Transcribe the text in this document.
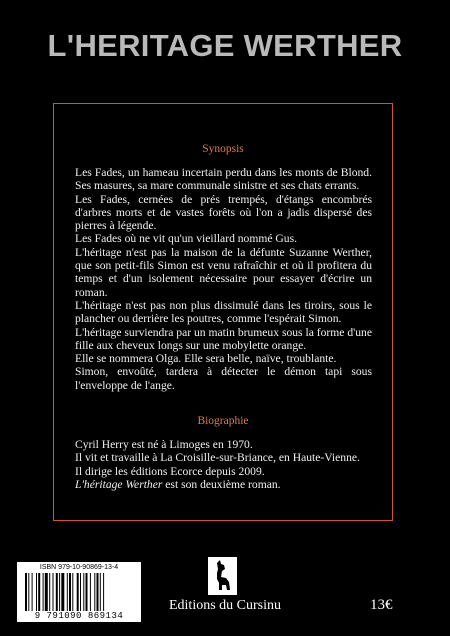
L'HERITAGE WERTHER
Synopsis

Les Fades, un hameau incertain perdu dans les monts de Blond. Ses masures, sa mare communale sinistre et ses chats errants.

Les Fades, cernées de prés trempés, d'étangs encombrés d'arbres morts et de vastes forêts où l'on a jadis dispersé des pierres à légende.

Les Fades où ne vit qu'un vieillard nommé Gus.

L'héritage n'est pas la maison de la défunte Suzanne Werther, que son petit-fils Simon est venu rafraîchir et où il profitera du temps et d'un isolement nécessaire pour essayer d'écrire un roman.

L'héritage n'est pas non plus dissimulé dans les tiroirs, sous le plancher ou derrière les poutres, comme l'espérait Simon.

L'héritage surviendra par un matin brumeux sous la forme d'une fille aux cheveux longs sur une mobylette orange.

Elle se nommera Olga. Elle sera belle, naïve, troublante.

Simon, envoûté, tardera à détecter le démon tapi sous l'enveloppe de l'ange.

Biographie

Cyril Herry est né à Limoges en 1970.

Il vit et travaille à La Croisille-sur-Briance, en Haute-Vienne.

Il dirige les éditions Ecorce depuis 2009.

L'héritage Werther est son deuxième roman.

ISBN 979-10-90869-13-4
9 791090 869134
Editions du Cursinu	13€
